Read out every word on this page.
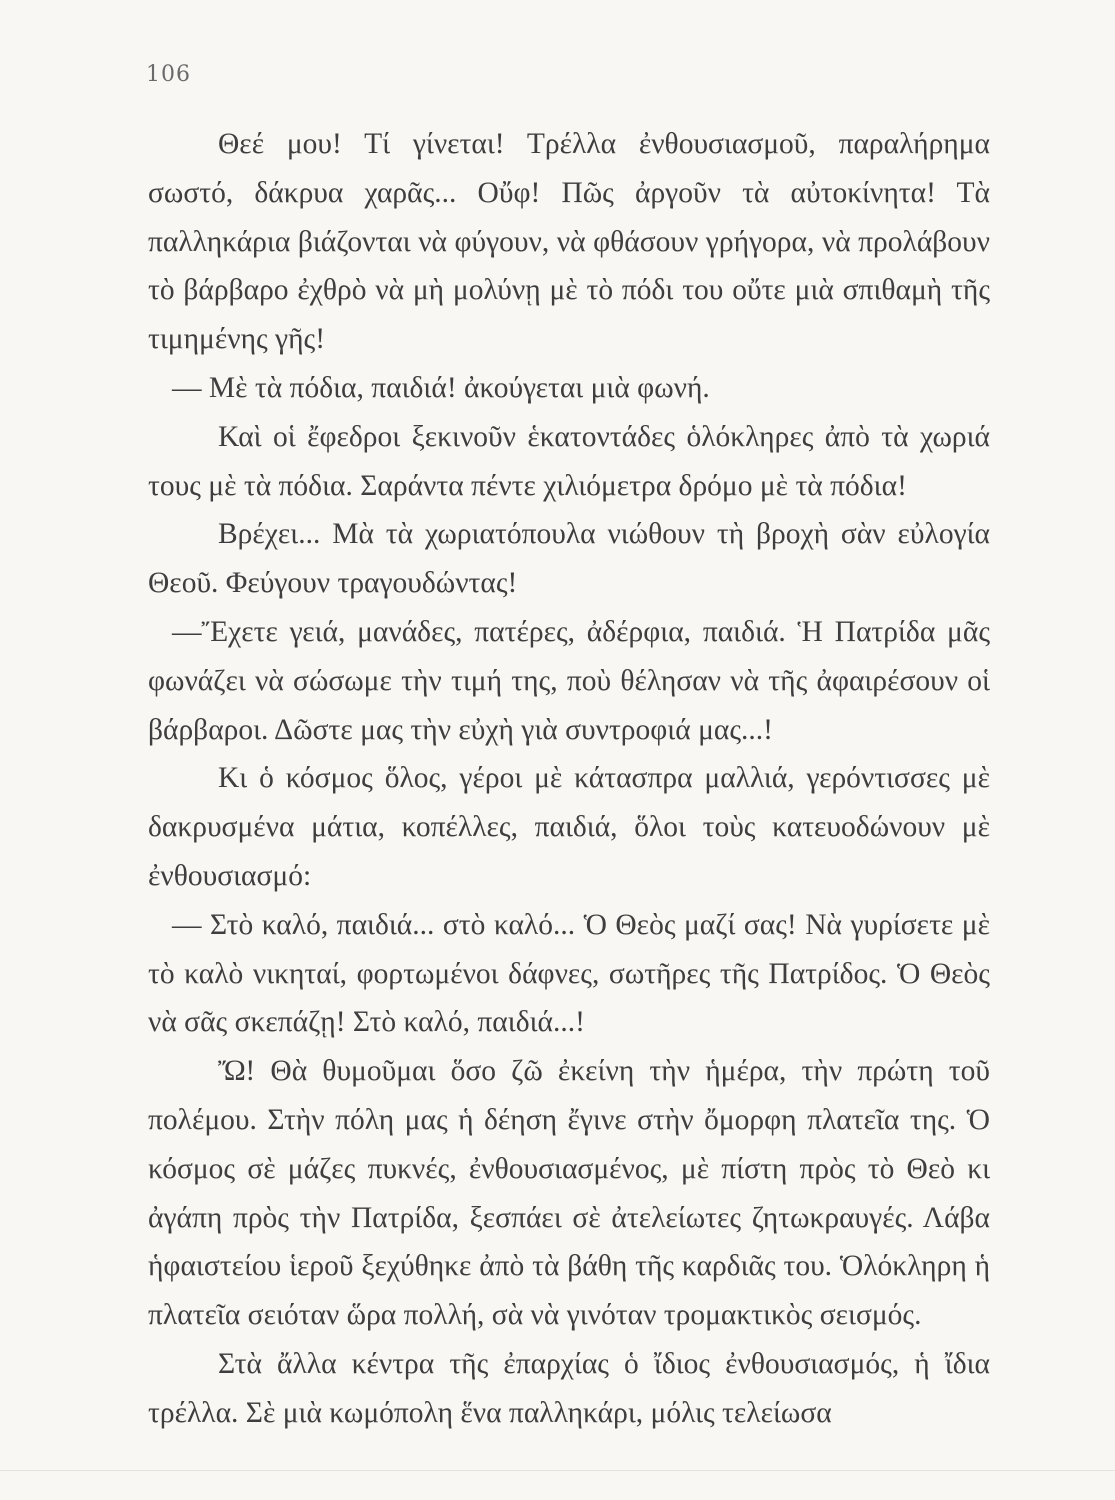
106

Θεέ μου! Τί γίνεται! Τρέλλα ἐνθουσιασμοῦ, παραλήρημα σωστό, δάκρυα χαρᾶς... Οὔφ! Πῶς ἀργοῦν τὰ αὐτοκίνητα! Τὰ παλληκάρια βιάζονται νὰ φύγουν, νὰ φθάσουν γρήγορα, νὰ προλάβουν τὸ βάρβαρο ἐχθρὸ νὰ μὴ μολύνῃ μὲ τὸ πόδι του οὔτε μιὰ σπιθαμὴ τῆς τιμημένης γῆς!

— Μὲ τὰ πόδια, παιδιά! ἀκούγεται μιὰ φωνή.

Καὶ οἱ ἔφεδροι ξεκινοῦν ἑκατοντάδες ὁλόκληρες ἀπὸ τὰ χωριά τους μὲ τὰ πόδια. Σαράντα πέντε χιλιόμετρα δρόμο μὲ τὰ πόδια!

Βρέχει... Μὰ τὰ χωριατόπουλα νιώθουν τὴ βροχὴ σὰν εὐλογία Θεοῦ. Φεύγουν τραγουδώντας!

—Ἔχετε γειά, μανάδες, πατέρες, ἀδέρφια, παιδιά. Ἡ Πατρίδα μᾶς φωνάζει νὰ σώσωμε τὴν τιμή της, ποὺ θέλησαν νὰ τῆς ἀφαιρέσουν οἱ βάρβαροι. Δῶστε μας τὴν εὐχὴ γιὰ συντροφιά μας...!

Κι ὁ κόσμος ὅλος, γέροι μὲ κάτασπρα μαλλιά, γερόντισσες μὲ δακρυσμένα μάτια, κοπέλλες, παιδιά, ὅλοι τοὺς κατευοδώνουν μὲ ἐνθουσιασμό:

— Στὸ καλό, παιδιά... στὸ καλό... Ὁ Θεὸς μαζί σας! Νὰ γυρίσετε μὲ τὸ καλὸ νικηταί, φορτωμένοι δάφνες, σωτῆρες τῆς Πατρίδος. Ὁ Θεὸς νὰ σᾶς σκεπάζῃ! Στὸ καλό, παιδιά...!

Ὤ! Θὰ θυμοῦμαι ὅσο ζῶ ἐκείνη τὴν ἡμέρα, τὴν πρώτη τοῦ πολέμου. Στὴν πόλη μας ἡ δέηση ἔγινε στὴν ὄμορφη πλατεῖα της. Ὁ κόσμος σὲ μάζες πυκνές, ἐνθουσιασμένος, μὲ πίστη πρὸς τὸ Θεὸ κι ἀγάπη πρὸς τὴν Πατρίδα, ξεσπάει σὲ ἀτελείωτες ζητωκραυγές. Λάβα ἡφαιστείου ἱεροῦ ξεχύθηκε ἀπὸ τὰ βάθη τῆς καρδιᾶς του. Ὁλόκληρη ἡ πλατεῖα σειόταν ὥρα πολλή, σὰ νὰ γινόταν τρομακτικὸς σεισμός.

Στὰ ἄλλα κέντρα τῆς ἐπαρχίας ὁ ἴδιος ἐνθουσιασμός, ἡ ἴδια τρέλλα. Σὲ μιὰ κωμόπολη ἕνα παλληκάρι, μόλις τελείωσα
